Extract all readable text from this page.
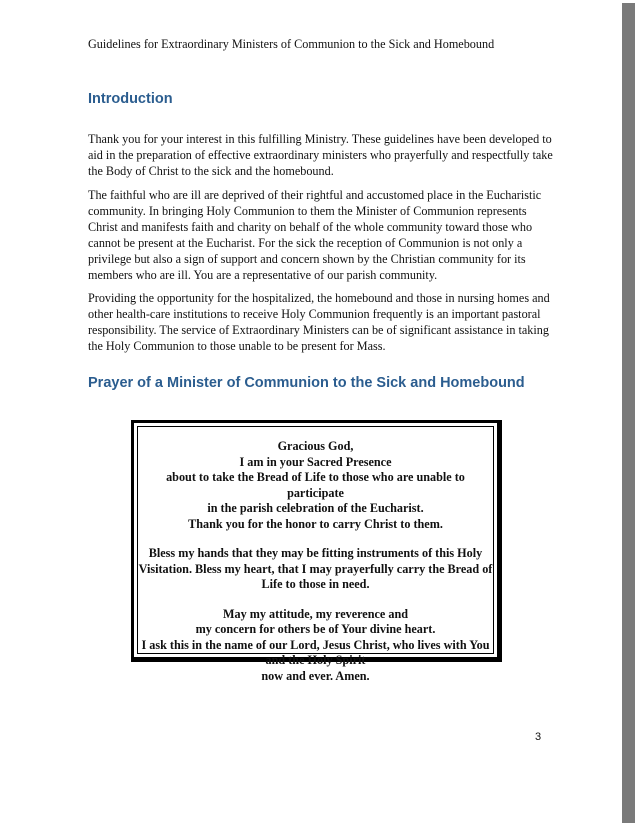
Guidelines for Extraordinary Ministers of Communion to the Sick and Homebound
Introduction

Thank you for your interest in this fulfilling Ministry. These guidelines have been developed to aid in the preparation of effective extraordinary ministers who prayerfully and respectfully take the Body of Christ to the sick and the homebound.

The faithful who are ill are deprived of their rightful and accustomed place in the Eucharistic community. In bringing Holy Communion to them the Minister of Communion represents Christ and manifests faith and charity on behalf of the whole community toward those who cannot be present at the Eucharist. For the sick the reception of Communion is not only a privilege but also a sign of support and concern shown by the Christian community for its members who are ill. You are a representative of our parish community.

Providing the opportunity for the hospitalized, the homebound and those in nursing homes and other health-care institutions to receive Holy Communion frequently is an important pastoral responsibility. The service of Extraordinary Ministers can be of significant assistance in taking the Holy Communion to those unable to be present for Mass.

Prayer of a Minister of Communion to the Sick and Homebound
Gracious God,
I am in your Sacred Presence
about to take the Bread of Life to those who are unable to participate
in the parish celebration of the Eucharist.
Thank you for the honor to carry Christ to them.
Bless my hands that they may be fitting instruments of this Holy
Visitation. Bless my heart, that I may prayerfully carry the Bread of
Life to those in need.
May my attitude, my reverence and
my concern for others be of Your divine heart.
I ask this in the name of our Lord, Jesus Christ, who lives with You
and the Holy Spirit
now and ever. Amen.
3
